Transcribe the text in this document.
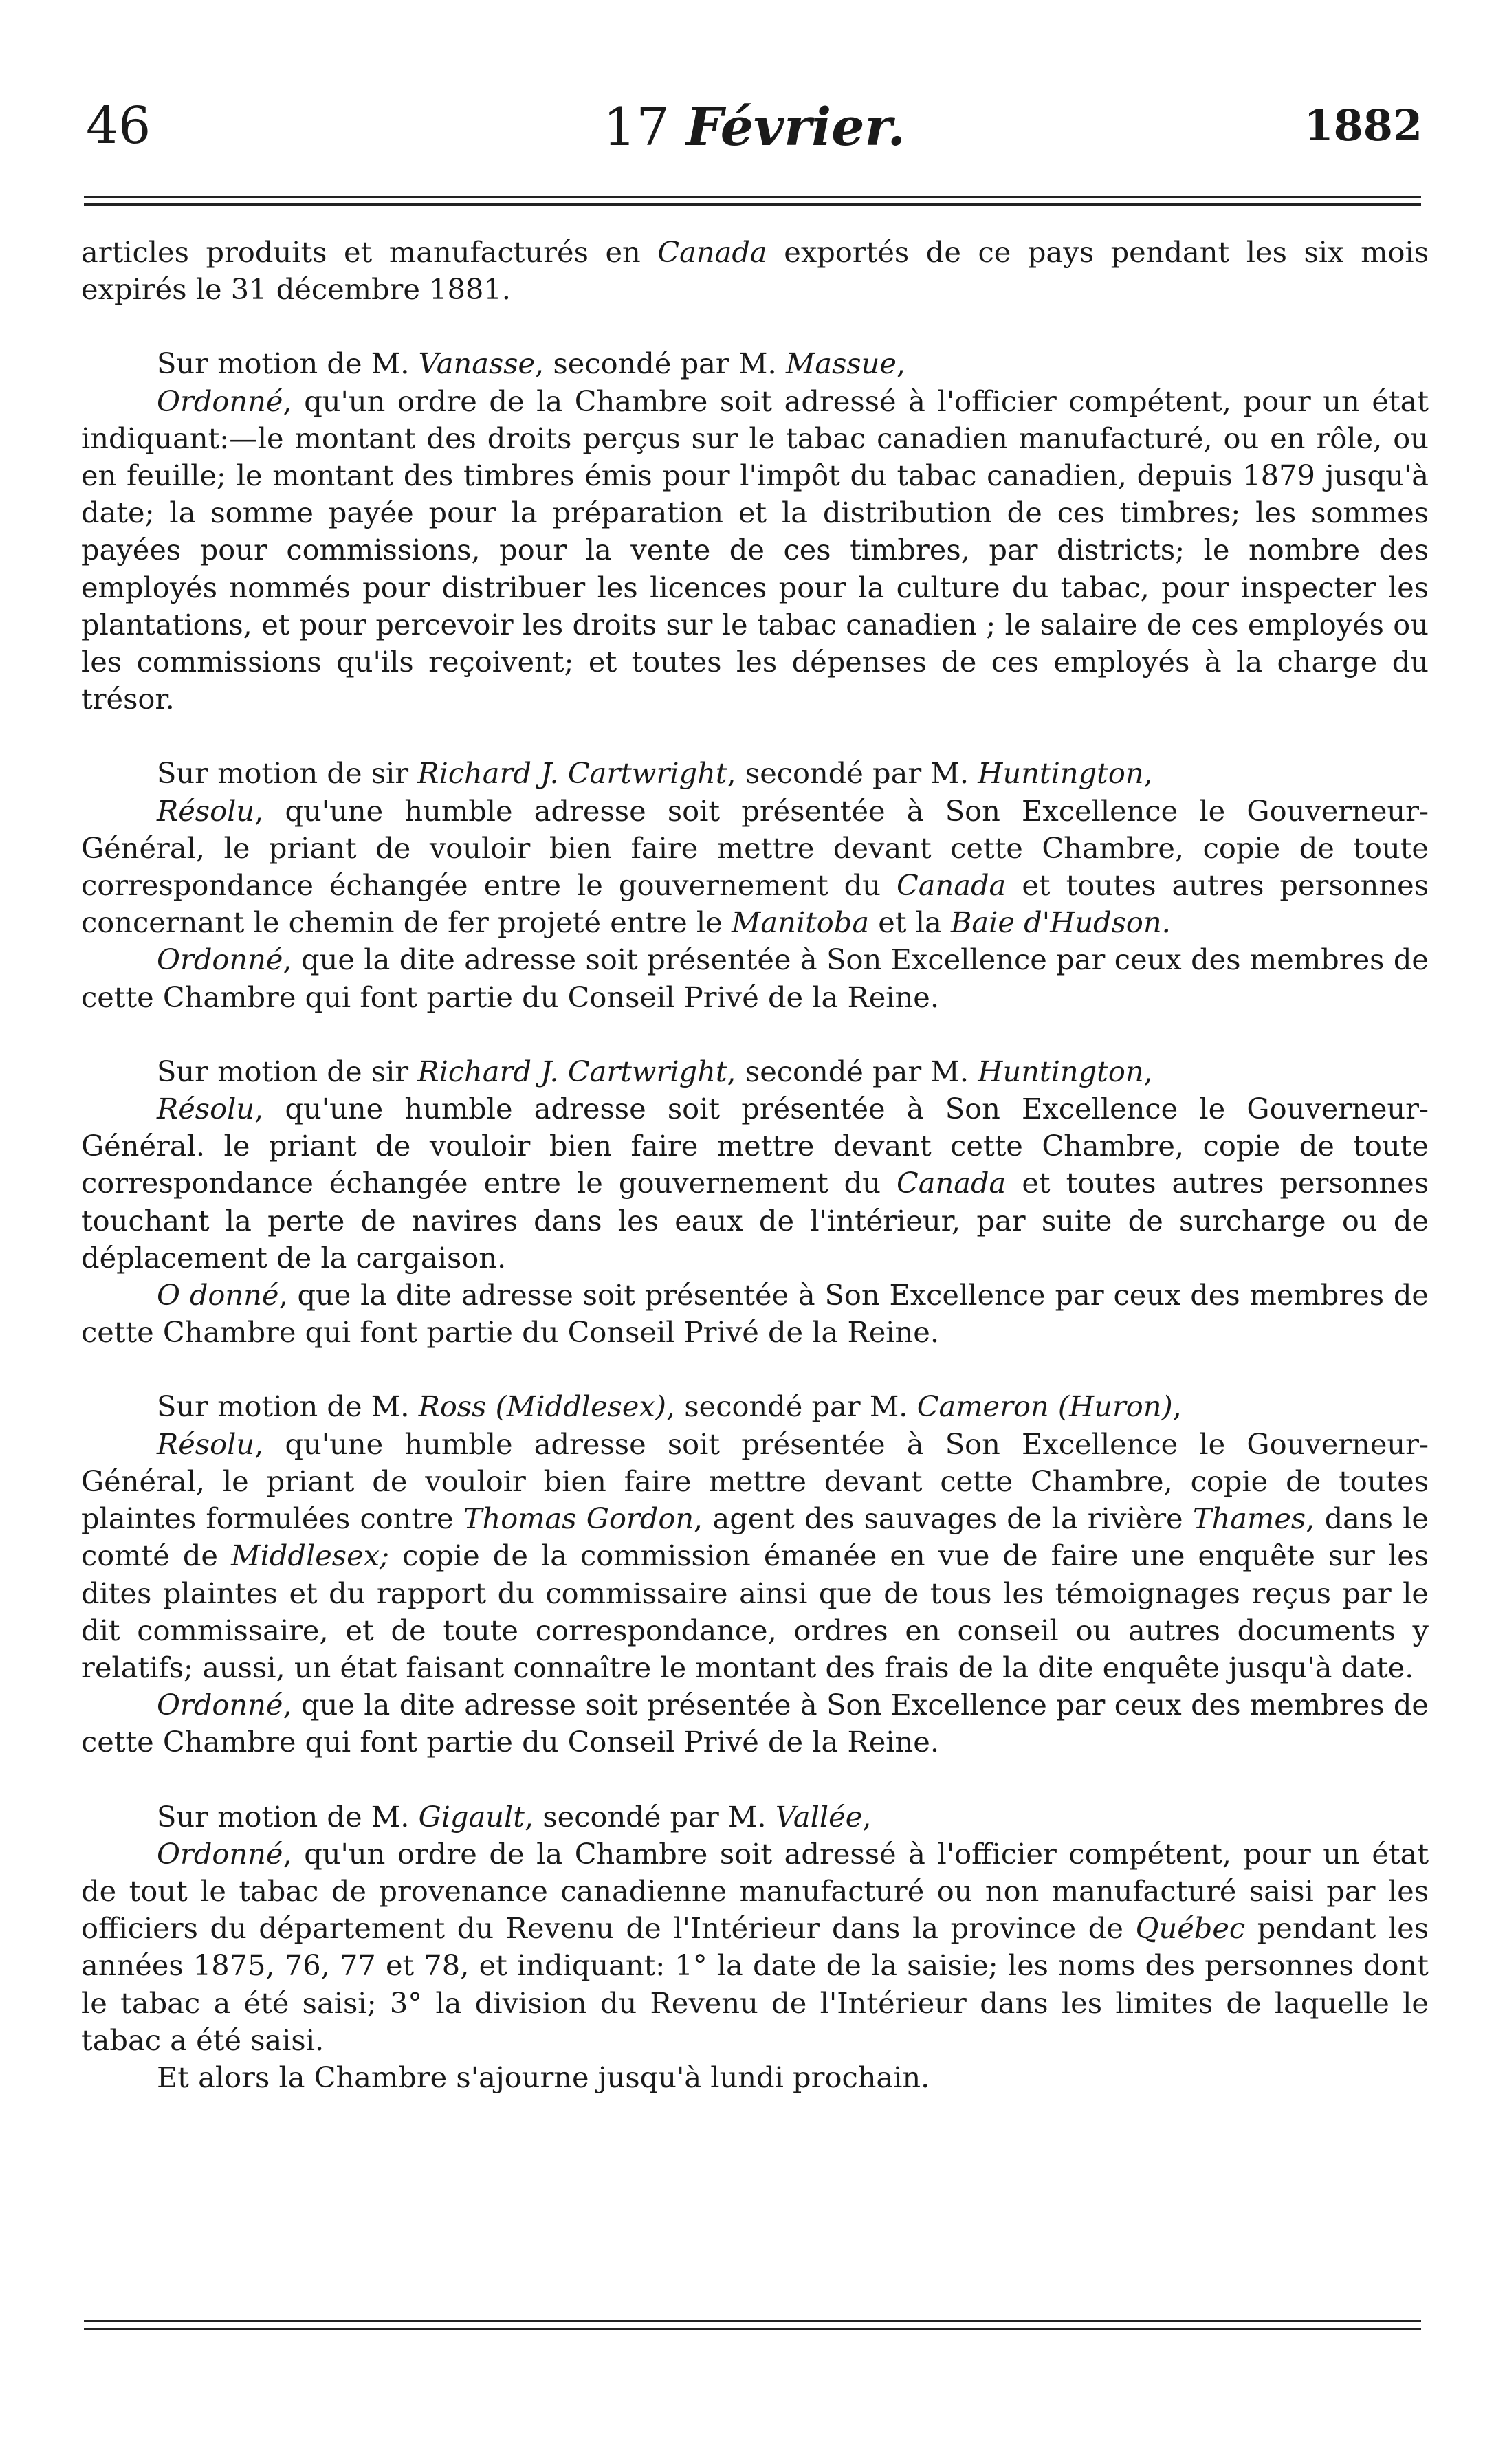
46	17 Février.	1882

articles produits et manufacturés en Canada exportés de ce pays pendant les six mois expirés le 31 décembre 1881.

Sur motion de M. Vanasse, secondé par M. Massue,

Ordonné, qu'un ordre de la Chambre soit adressé à l'officier compétent, pour un état indiquant:—le montant des droits perçus sur le tabac canadien manufacturé, ou en rôle, ou en feuille; le montant des timbres émis pour l'impôt du tabac canadien, depuis 1879 jusqu'à date; la somme payée pour la préparation et la distribution de ces timbres; les sommes payées pour commissions, pour la vente de ces timbres, par districts; le nombre des employés nommés pour distribuer les licences pour la culture du tabac, pour inspecter les plantations, et pour percevoir les droits sur le tabac canadien ; le salaire de ces employés ou les commissions qu'ils reçoivent; et toutes les dépenses de ces employés à la charge du trésor.

Sur motion de sir Richard J. Cartwright, secondé par M. Huntington,

Résolu, qu'une humble adresse soit présentée à Son Excellence le Gouverneur-Général, le priant de vouloir bien faire mettre devant cette Chambre, copie de toute correspondance échangée entre le gouvernement du Canada et toutes autres personnes concernant le chemin de fer projeté entre le Manitoba et la Baie d'Hudson.

Ordonné, que la dite adresse soit présentée à Son Excellence par ceux des membres de cette Chambre qui font partie du Conseil Privé de la Reine.

Sur motion de sir Richard J. Cartwright, secondé par M. Huntington,

Résolu, qu'une humble adresse soit présentée à Son Excellence le Gouverneur-Général. le priant de vouloir bien faire mettre devant cette Chambre, copie de toute correspondance échangée entre le gouvernement du Canada et toutes autres personnes touchant la perte de navires dans les eaux de l'intérieur, par suite de surcharge ou de déplacement de la cargaison.

O donné, que la dite adresse soit présentée à Son Excellence par ceux des membres de cette Chambre qui font partie du Conseil Privé de la Reine.

Sur motion de M. Ross (Middlesex), secondé par M. Cameron (Huron),

Résolu, qu'une humble adresse soit présentée à Son Excellence le Gouverneur-Général, le priant de vouloir bien faire mettre devant cette Chambre, copie de toutes plaintes formulées contre Thomas Gordon, agent des sauvages de la rivière Thames, dans le comté de Middlesex; copie de la commission émanée en vue de faire une enquête sur les dites plaintes et du rapport du commissaire ainsi que de tous les témoignages reçus par le dit commissaire, et de toute correspondance, ordres en conseil ou autres documents y relatifs; aussi, un état faisant connaître le montant des frais de la dite enquête jusqu'à date.

Ordonné, que la dite adresse soit présentée à Son Excellence par ceux des membres de cette Chambre qui font partie du Conseil Privé de la Reine.

Sur motion de M. Gigault, secondé par M. Vallée,

Ordonné, qu'un ordre de la Chambre soit adressé à l'officier compétent, pour un état de tout le tabac de provenance canadienne manufacturé ou non manufacturé saisi par les officiers du département du Revenu de l'Intérieur dans la province de Québec pendant les années 1875, 76, 77 et 78, et indiquant: 1° la date de la saisie; les noms des personnes dont le tabac a été saisi; 3° la division du Revenu de l'Intérieur dans les limites de laquelle le tabac a été saisi.

Et alors la Chambre s'ajourne jusqu'à lundi prochain.
